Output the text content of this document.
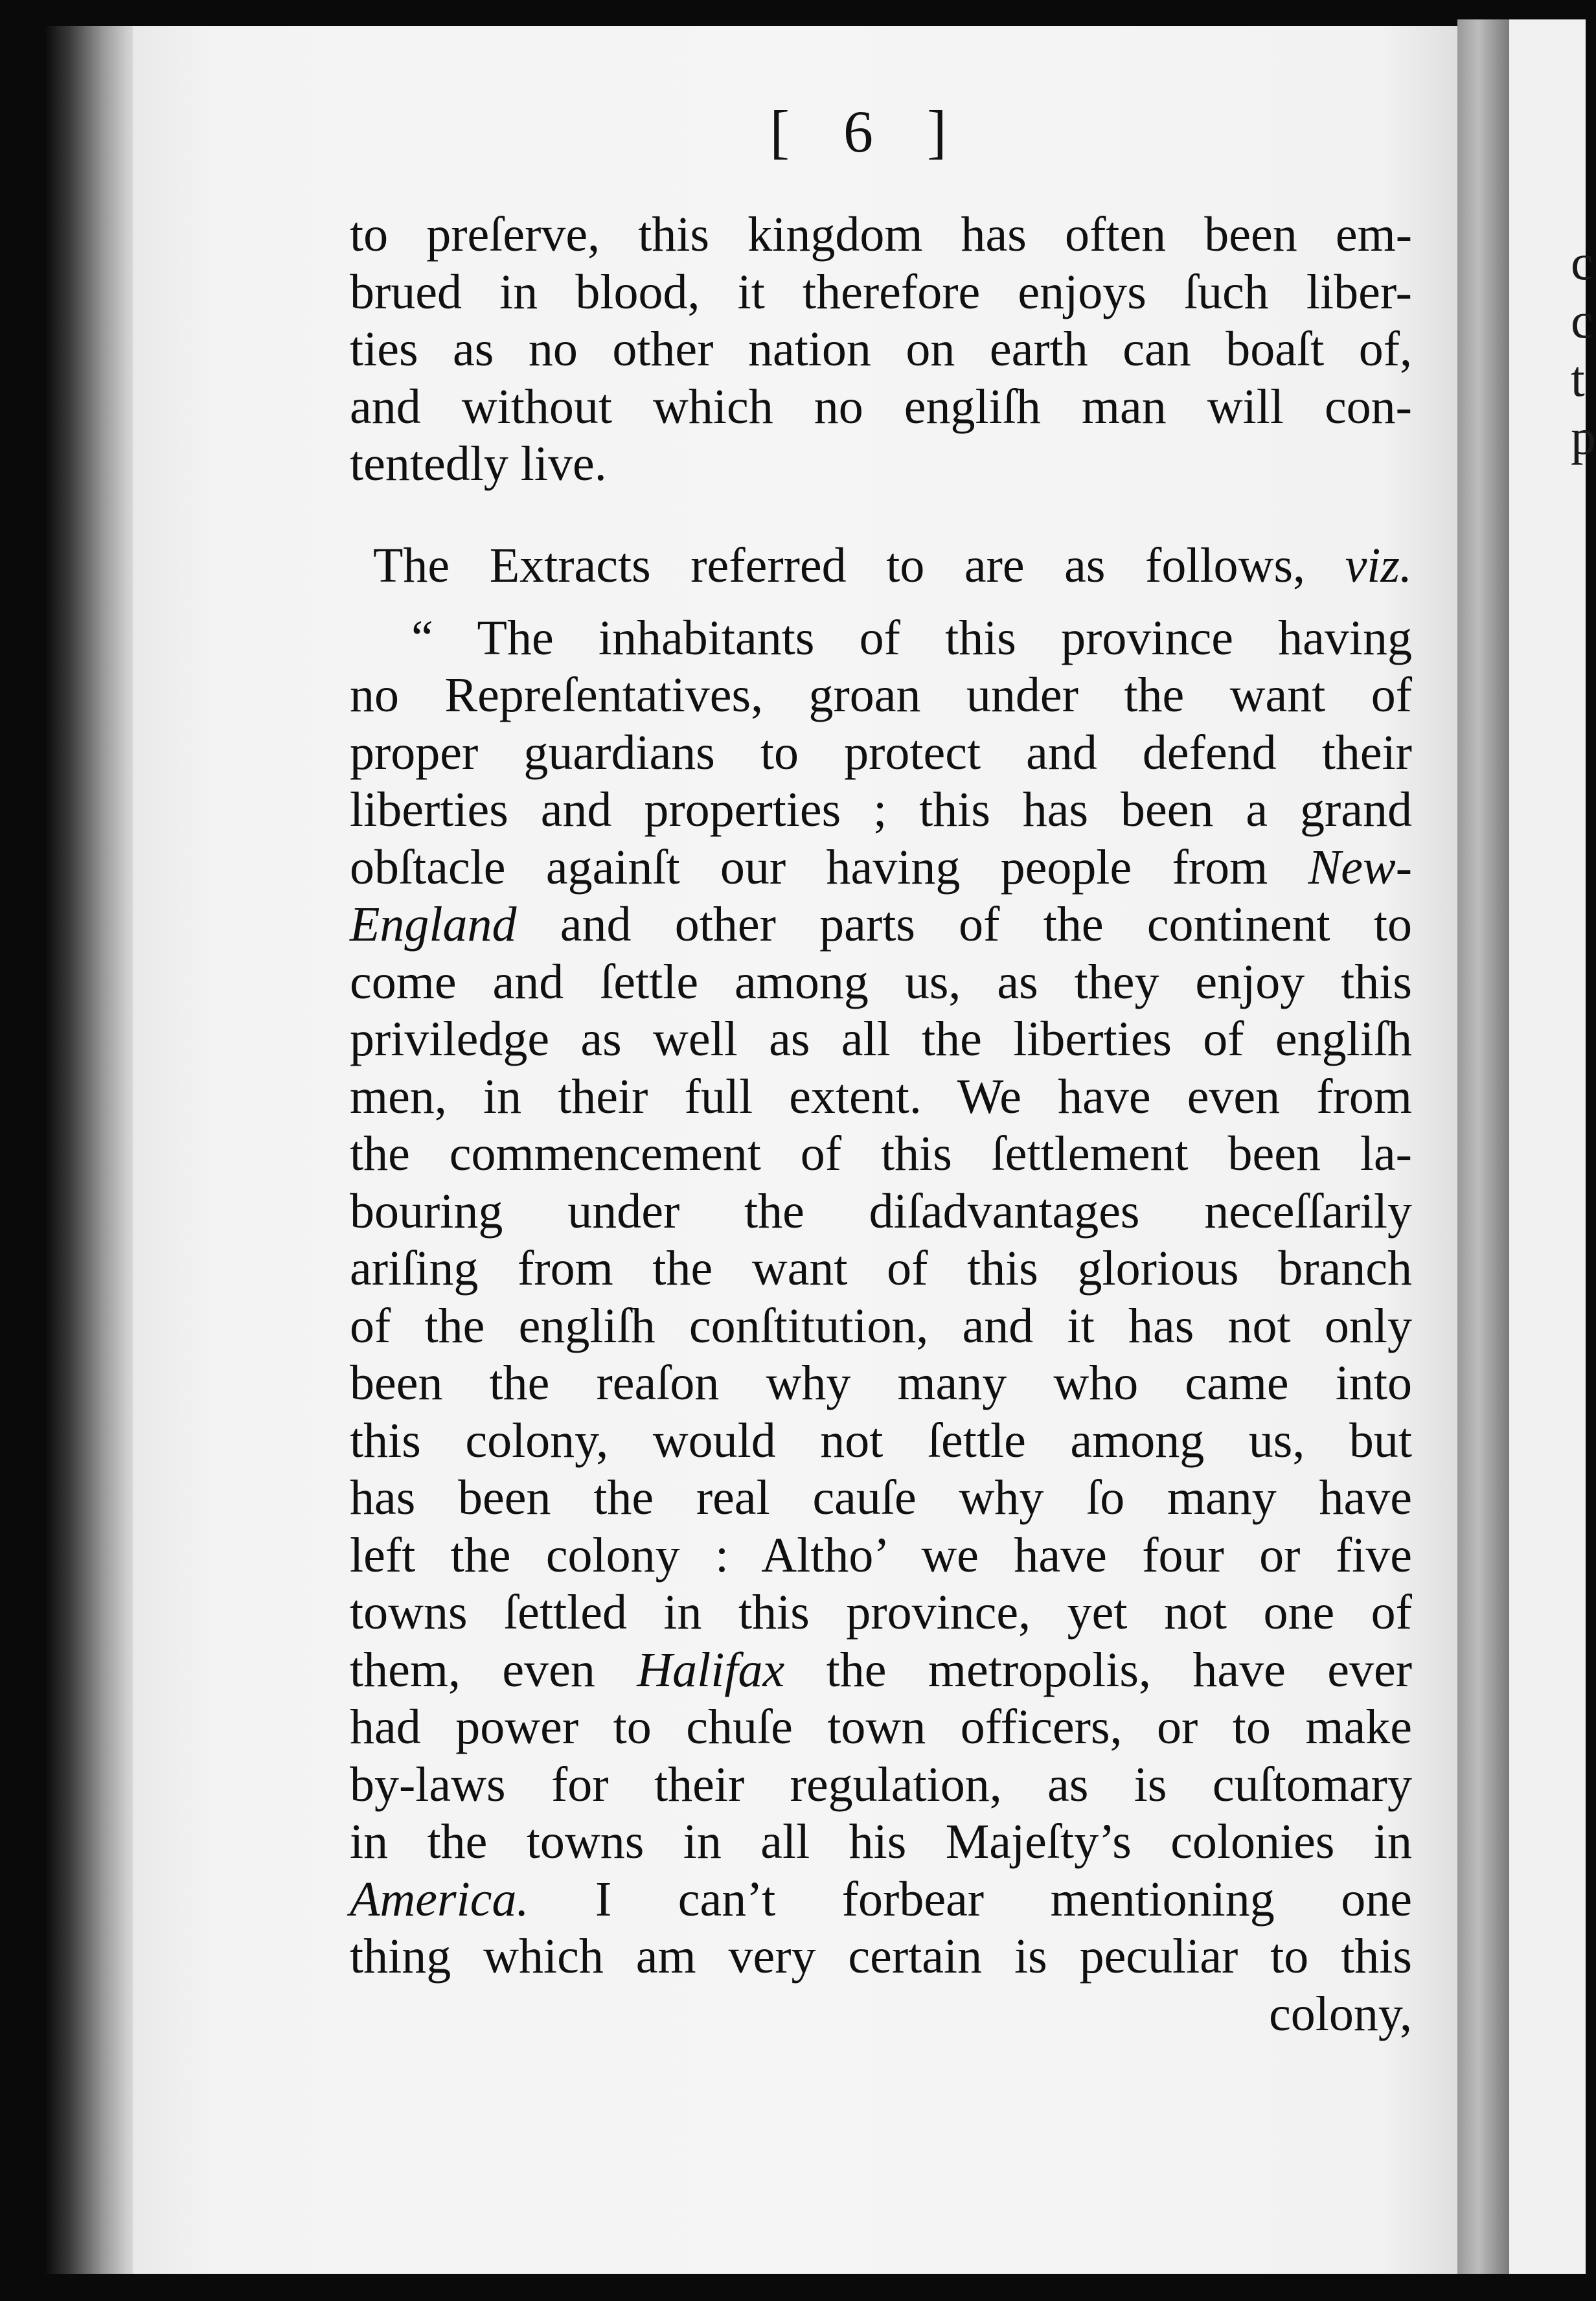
c
c
t
p
[ 6 ]
to preſerve, this kingdom has often been em-
brued in blood, it therefore enjoys ſuch liber-
ties as no other nation on earth can boaſt of,
and without which no engliſh man will con-
tentedly live.
The Extracts referred to are as follows, viz.
“ The inhabitants of this province having
no Repreſentatives, groan under the want of
proper guardians to protect and defend their
liberties and properties ; this has been a grand
obſtacle againſt our having people from New-
England and other parts of the continent to
come and ſettle among us, as they enjoy this
priviledge as well as all the liberties of engliſh
men, in their full extent. We have even from
the commencement of this ſettlement been la-
bouring under the diſadvantages neceſſarily
ariſing from the want of this glorious branch
of the engliſh conſtitution, and it has not only
been the reaſon why many who came into
this colony, would not ſettle among us, but
has been the real cauſe why ſo many have
left the colony : Altho’ we have four or five
towns ſettled in this province, yet not one of
them, even Halifax the metropolis, have ever
had power to chuſe town officers, or to make
by-laws for their regulation, as is cuſtomary
in the towns in all his Majeſty’s colonies in
America. I can’t forbear mentioning one
thing which am very certain is peculiar to this
colony,
